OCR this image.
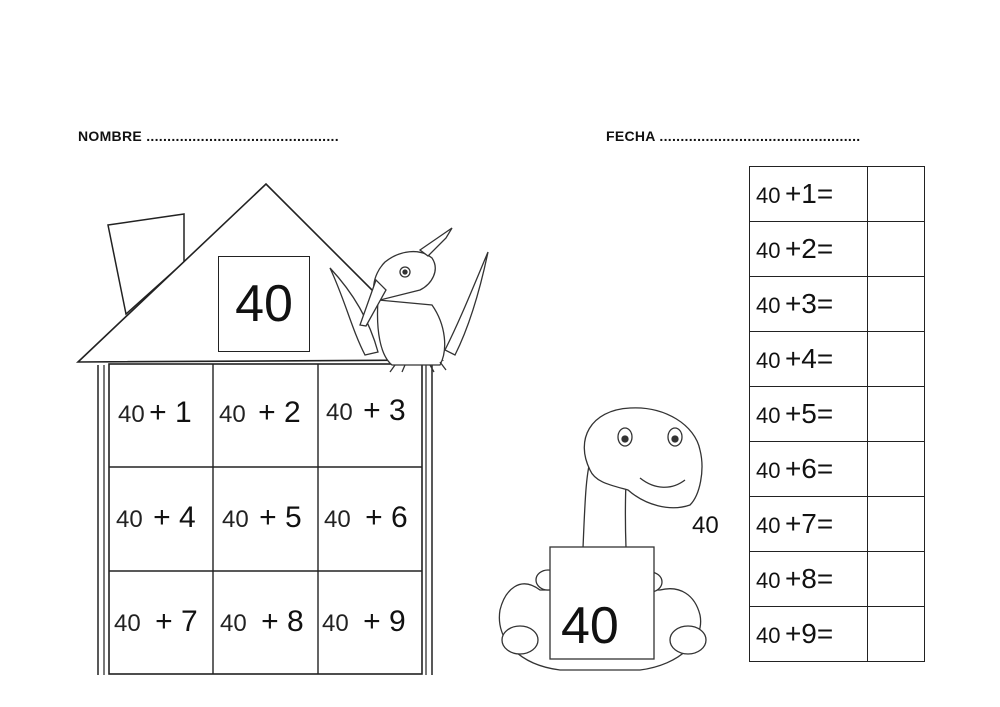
NOMBRE ..............................................	FECHA ................................................
40
40 + 1 40 + 2 40 + 3
40 + 4 40 + 5 40 + 6
40 + 7 40 + 8 40 + 9
40
40
40 +1=	
40 +2=	
40 +3=	
40 +4=	
40 +5=	
40 +6=	
40 +7=	
40 +8=	
40 +9=	
